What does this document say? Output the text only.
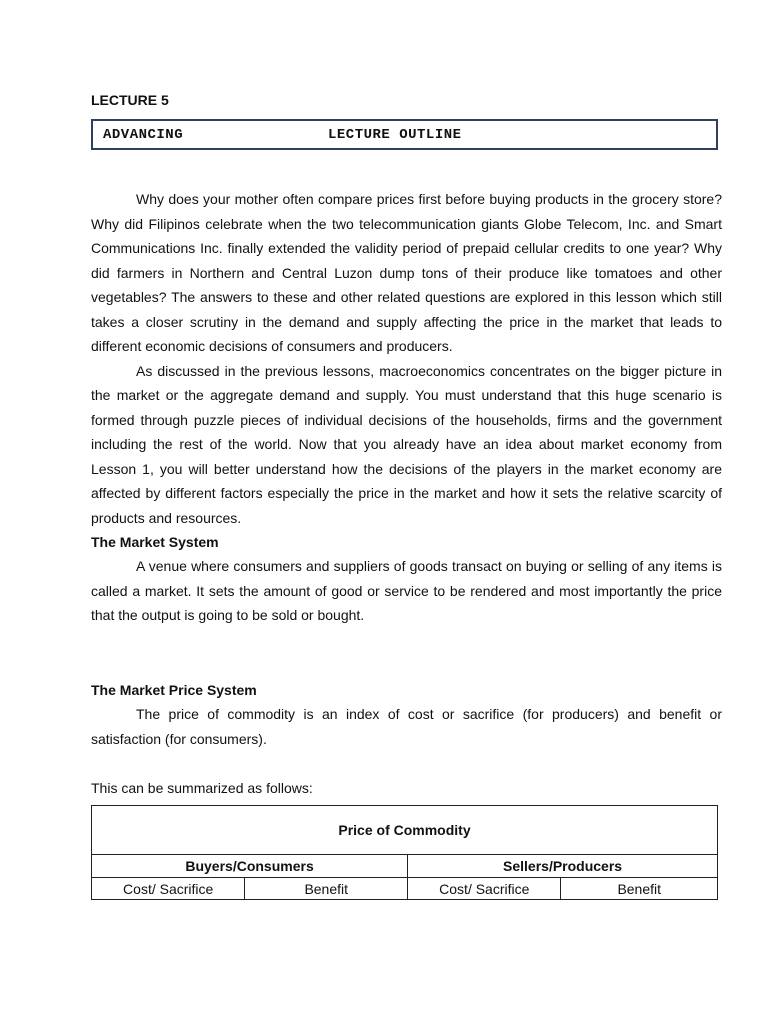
LECTURE 5

ADVANCING	LECTURE OUTLINE

Why does your mother often compare prices first before buying products in the grocery store? Why did Filipinos celebrate when the two telecommunication giants Globe Telecom, Inc. and Smart Communications Inc. finally extended the validity period of prepaid cellular credits to one year? Why did farmers in Northern and Central Luzon dump tons of their produce like tomatoes and other vegetables? The answers to these and other related questions are explored in this lesson which still takes a closer scrutiny in the demand and supply affecting the price in the market that leads to different economic decisions of consumers and producers.

As discussed in the previous lessons, macroeconomics concentrates on the bigger picture in the market or the aggregate demand and supply. You must understand that this huge scenario is formed through puzzle pieces of individual decisions of the households, firms and the government including the rest of the world. Now that you already have an idea about market economy from Lesson 1, you will better understand how the decisions of the players in the market economy are affected by different factors especially the price in the market and how it sets the relative scarcity of products and resources.

The Market System

A venue where consumers and suppliers of goods transact on buying or selling of any items is called a market. It sets the amount of good or service to be rendered and most importantly the price that the output is going to be sold or bought.

The Market Price System

The price of commodity is an index of cost or sacrifice (for producers) and benefit or satisfaction (for consumers).

This can be summarized as follows:

Price of Commodity			
Buyers/Consumers		Sellers/Producers	
Cost/ Sacrifice	Benefit	Cost/ Sacrifice	Benefit
